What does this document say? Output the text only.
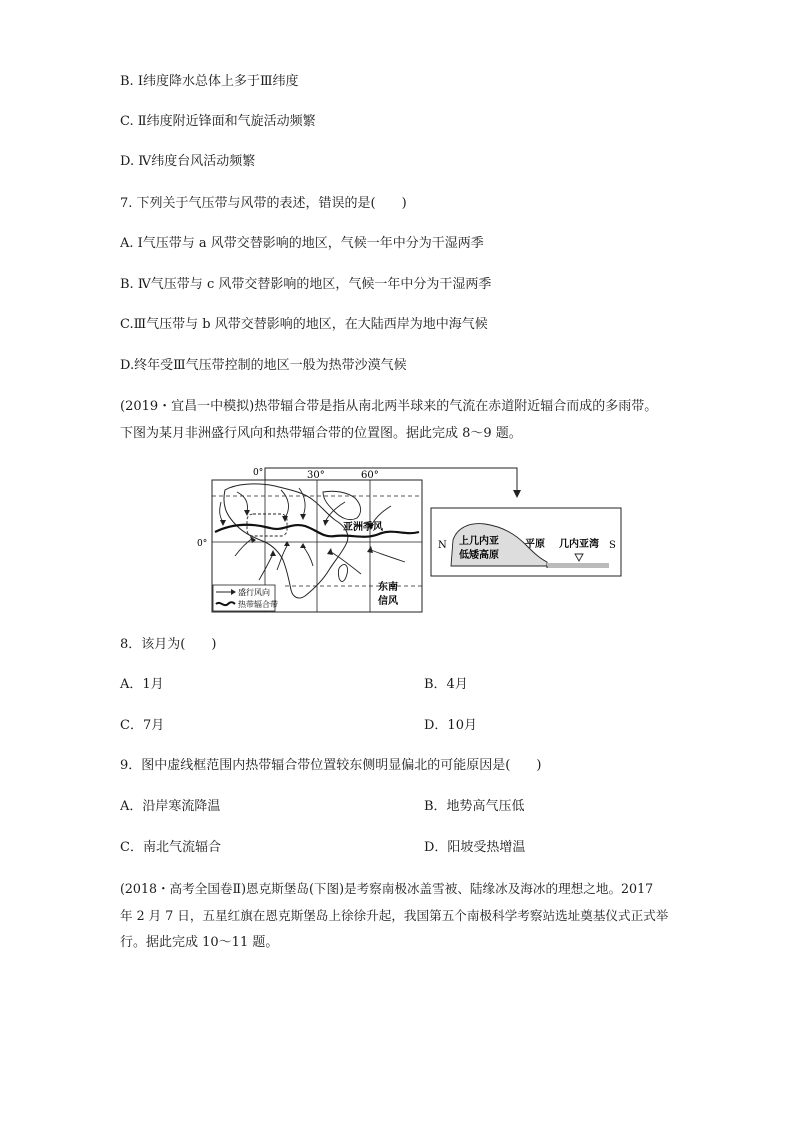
B. Ⅰ纬度降水总体上多于Ⅲ纬度
C. Ⅱ纬度附近锋面和气旋活动频繁
D. Ⅳ纬度台风活动频繁
7. 下列关于气压带与风带的表述，错误的是(　　)
A. Ⅰ气压带与 a 风带交替影响的地区，气候一年中分为干湿两季
B. Ⅳ气压带与 c 风带交替影响的地区，气候一年中分为干湿两季
C.Ⅲ气压带与 b 风带交替影响的地区，在大陆西岸为地中海气候
D.终年受Ⅲ气压带控制的地区一般为热带沙漠气候
(2019・宜昌一中模拟)热带辐合带是指从南北两半球来的气流在赤道附近辐合而成的多雨带。
下图为某月非洲盛行风向和热带辐合带的位置图。据此完成 8～9 题。
盛行风向
热带辐合带
0°	30°	60°
0°
亚洲季风
东南
信风
N	S
上几内亚
低矮高原
平原 几内亚湾
8．该月为(　　)
A．1月	B．4月
C．7月	D．10月
9．图中虚线框范围内热带辐合带位置较东侧明显偏北的可能原因是(　　)
A．沿岸寒流降温	B．地势高气压低
C．南北气流辐合	D．阳坡受热增温
(2018・高考全国卷Ⅱ)恩克斯堡岛(下图)是考察南极冰盖雪被、陆缘冰及海冰的理想之地。2017
年 2 月 7 日，五星红旗在恩克斯堡岛上徐徐升起，我国第五个南极科学考察站选址奠基仪式正式举
行。据此完成 10～11 题。
